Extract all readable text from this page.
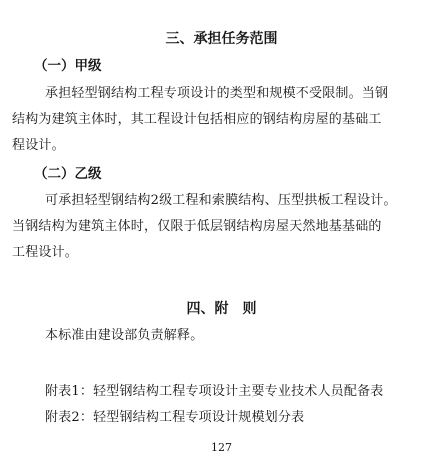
三、承担任务范围
（一）甲级
承担轻型钢结构工程专项设计的类型和规模不受限制。当钢
结构为建筑主体时，其工程设计包括相应的钢结构房屋的基础工
程设计。
（二）乙级
可承担轻型钢结构2级工程和索膜结构、压型拱板工程设计。
当钢结构为建筑主体时，仅限于低层钢结构房屋天然地基基础的
工程设计。
四、附　则
本标准由建设部负责解释。
附表1：轻型钢结构工程专项设计主要专业技术人员配备表
附表2：轻型钢结构工程专项设计规模划分表
127
